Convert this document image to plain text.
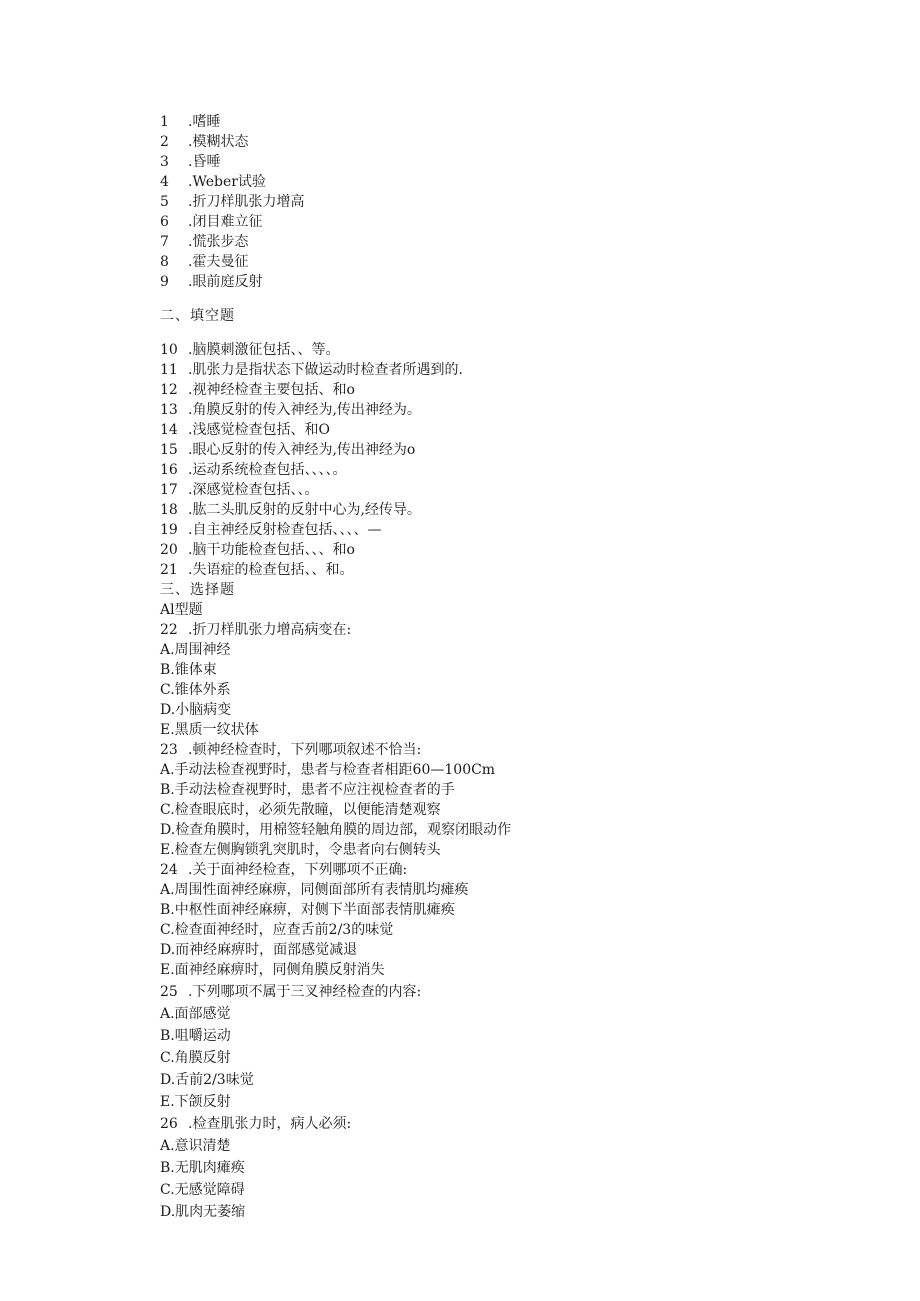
1 .嗜睡
2 .模糊状态
3 .昏唾
4 .Weber试验
5 .折刀样肌张力增高
6 .闭目难立征
7 .慌张步态
8 .霍夫曼征
9 .眼前庭反射
二、填空题
10 .脑膜刺激征包括、、等。
11 .肌张力是指状态下做运动时检查者所遇到的.
12 .视神经检查主要包括、和o
13 .角膜反射的传入神经为,传出神经为。
14 .浅感觉检查包括、和O
15 .眼心反射的传入神经为,传出神经为o
16 .运动系统检查包括、、、、。
17 .深感觉检查包括、、。
18 .肱二头肌反射的反射中心为,经传导。
19 .自主神经反射检查包括、、、、—
20 .脑干功能检查包括、、、和o
21 .失语症的检查包括、、和。
三、选择题
Al型题
22 .折刀样肌张力增高病变在:
A.周围神经
B.锥体束
C.锥体外系
D.小脑病变
E.黑质一纹状体
23 .顿神经检查时，下列哪项叙述不恰当:
A.手动法检查视野时，患者与检查者相距60—100Cm
B.手动法检查视野时，患者不应注视检查者的手
C.检查眼底时，必须先散瞳，以便能清楚观察
D.检查角膜时，用棉签轻触角膜的周边部，观察闭眼动作
E.检查左侧胸锁乳突肌时，令患者向右侧转头
24 .关于面神经检查，下列哪项不正确:
A.周围性面神经麻痹，同侧面部所有表情肌均瘫痪
B.中枢性面神经麻痹，对侧下半面部表情肌瘫痪
C.检查面神经时，应查舌前2/3的味觉
D.而神经麻痹时，面部感觉减退
E.面神经麻痹时，同侧角膜反射消失
25 .下列哪项不属于三叉神经检查的内容:
A.面部感觉
B.咀嚼运动
C.角膜反射
D.舌前2/3味觉
E.下颌反射
26 .检查肌张力时，病人必须:
A.意识清楚
B.无肌肉瘫痪
C.无感觉障碍
D.肌肉无萎缩
